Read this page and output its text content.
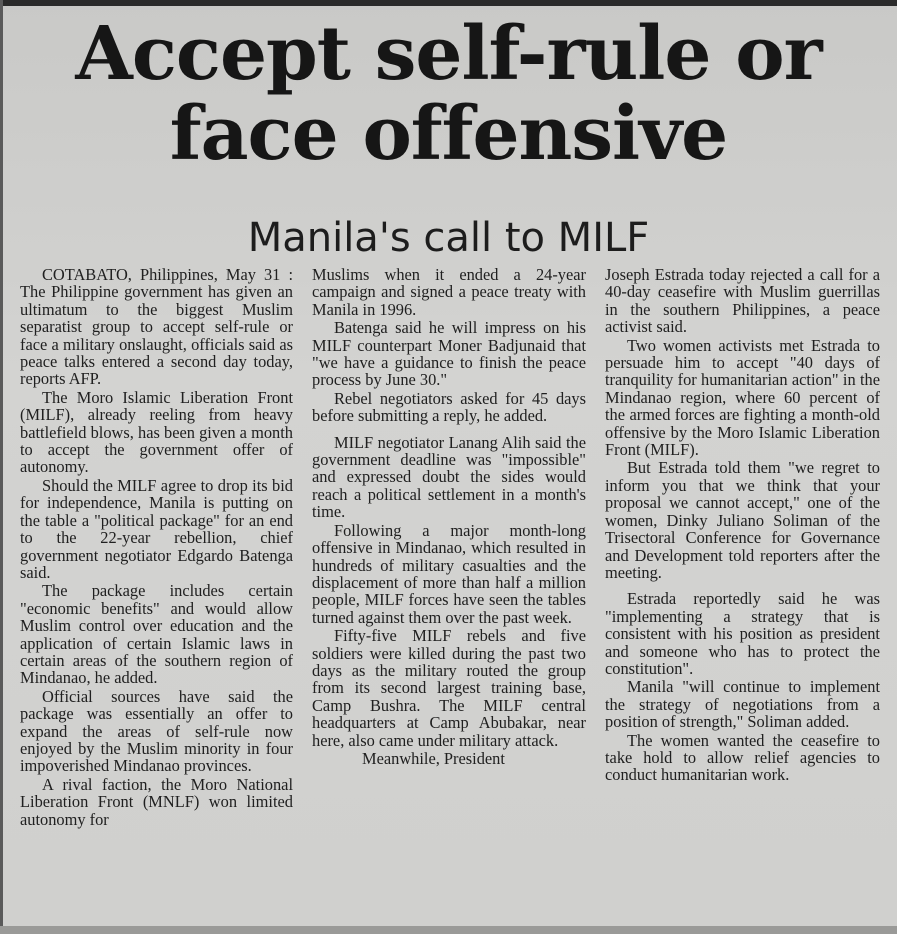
Accept self-rule or
face offensive
Manila's call to MILF

COTABATO, Philippines, May 31 : The Philippine government has given an ultimatum to the biggest Muslim separatist group to accept self-rule or face a military onslaught, officials said as peace talks entered a second day today, reports AFP.

The Moro Islamic Liberation Front (MILF), already reeling from heavy battlefield blows, has been given a month to accept the government offer of autonomy.

Should the MILF agree to drop its bid for independence, Manila is putting on the table a "political package" for an end to the 22-year rebellion, chief government negotiator Edgardo Batenga said.

The package includes certain "economic benefits" and would allow Muslim control over education and the application of certain Islamic laws in certain areas of the southern region of Mindanao, he added.

Official sources have said the package was essentially an offer to expand the areas of self-rule now enjoyed by the Muslim minority in four impoverished Mindanao provinces.

A rival faction, the Moro National Liberation Front (MNLF) won limited autonomy for

Muslims when it ended a 24-year campaign and signed a peace treaty with Manila in 1996.

Batenga said he will impress on his MILF counterpart Moner Badjunaid that "we have a guidance to finish the peace process by June 30."

Rebel negotiators asked for 45 days before submitting a reply, he added.

MILF negotiator Lanang Alih said the government deadline was "impossible" and expressed doubt the sides would reach a political settlement in a month's time.

Following a major month-long offensive in Mindanao, which resulted in hundreds of military casualties and the displacement of more than half a million people, MILF forces have seen the tables turned against them over the past week.

Fifty-five MILF rebels and five soldiers were killed during the past two days as the military routed the group from its second largest training base, Camp Bushra. The MILF central headquarters at Camp Abubakar, near here, also came under military attack.

Meanwhile, President

Joseph Estrada today rejected a call for a 40-day ceasefire with Muslim guerrillas in the southern Philippines, a peace activist said.

Two women activists met Estrada to persuade him to accept "40 days of tranquility for humanitarian action" in the Mindanao region, where 60 percent of the armed forces are fighting a month-old offensive by the Moro Islamic Liberation Front (MILF).

But Estrada told them "we regret to inform you that we think that your proposal we cannot accept," one of the women, Dinky Juliano Soliman of the Trisectoral Conference for Governance and Development told reporters after the meeting.

Estrada reportedly said he was "implementing a strategy that is consistent with his position as president and someone who has to protect the constitution".

Manila "will continue to implement the strategy of negotiations from a position of strength," Soliman added.

The women wanted the ceasefire to take hold to allow relief agencies to conduct humanitarian work.
